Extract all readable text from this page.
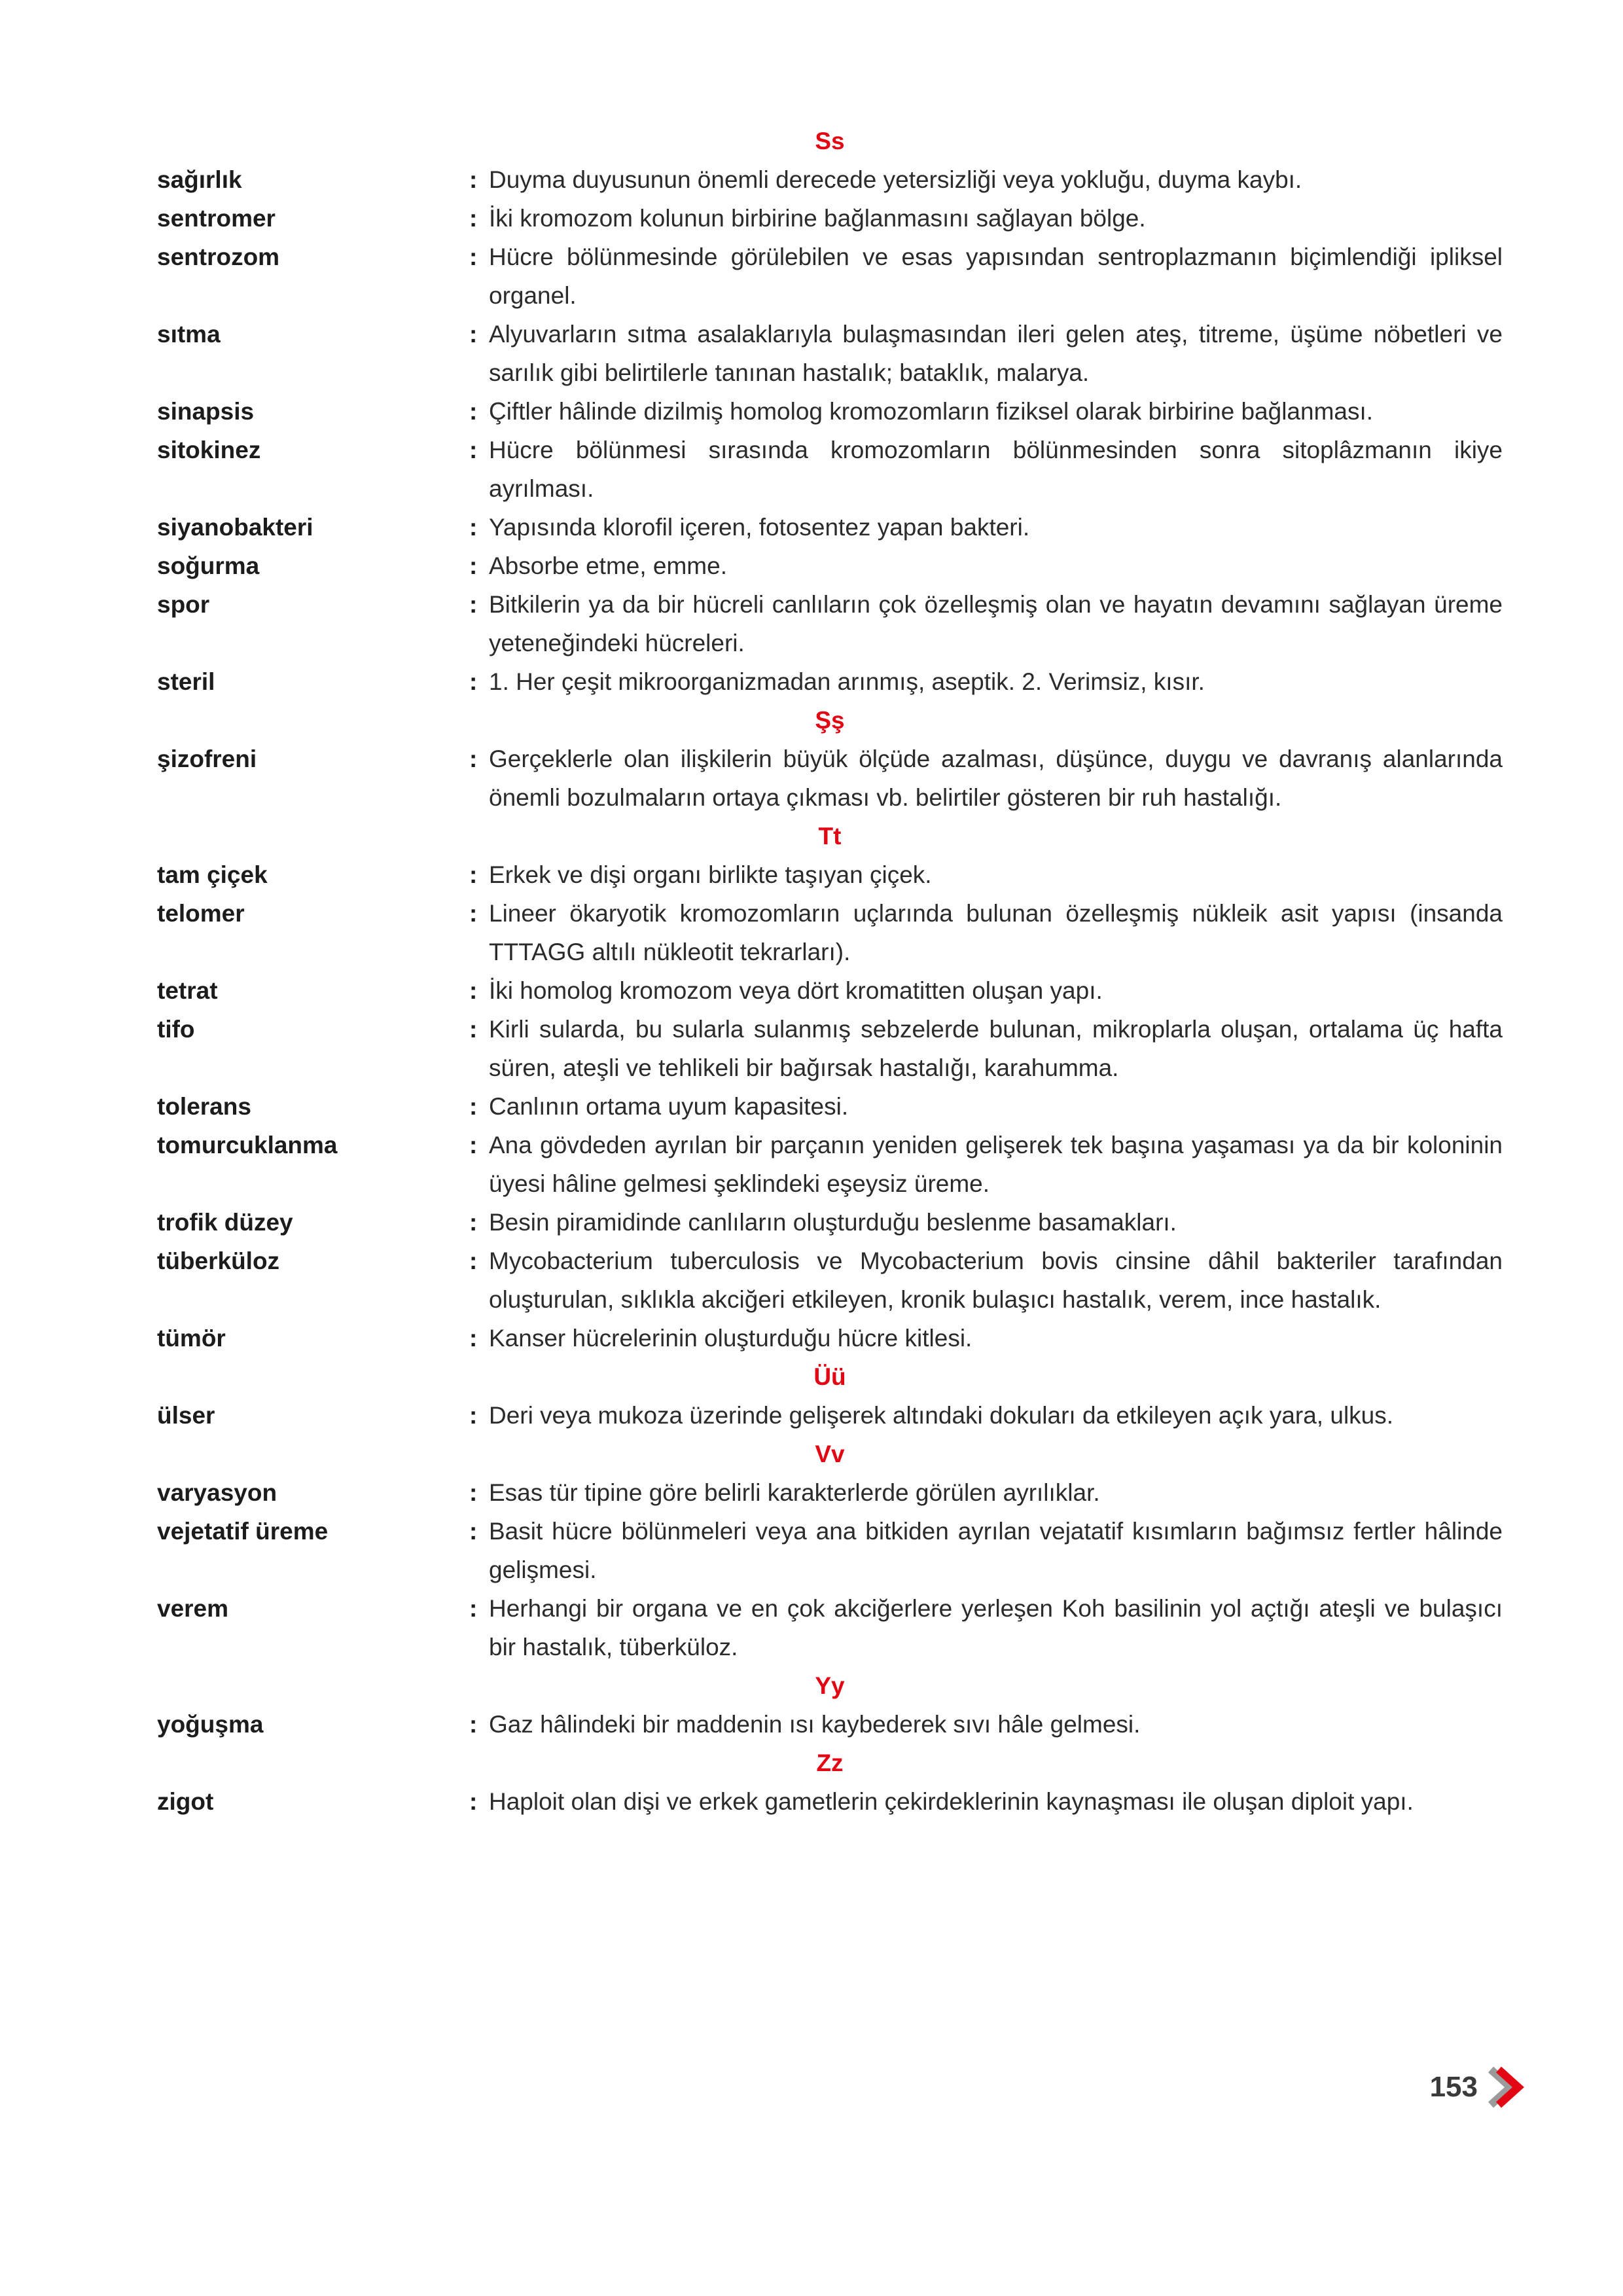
Ss
sağırlık	: Duyma duyusunun önemli derecede yetersizliği veya yokluğu, duyma kaybı.
sentromer	: İki kromozom kolunun birbirine bağlanmasını sağlayan bölge.
sentrozom	: Hücre bölünmesinde görülebilen ve esas yapısından sentroplazmanın biçimlendiği ipliksel organel.
sıtma	: Alyuvarların sıtma asalaklarıyla bulaşmasından ileri gelen ateş, titreme, üşüme nöbetleri ve sarılık gibi belirtilerle tanınan hastalık; bataklık, malarya.
sinapsis	: Çiftler hâlinde dizilmiş homolog kromozomların fiziksel olarak birbirine bağlanması.
sitokinez	: Hücre bölünmesi sırasında kromozomların bölünmesinden sonra sitoplâzmanın ikiye ayrılması.
siyanobakteri	: Yapısında klorofil içeren, fotosentez yapan bakteri.
soğurma	: Absorbe etme, emme.
spor	: Bitkilerin ya da bir hücreli canlıların çok özelleşmiş olan ve hayatın devamını sağlayan üreme yeteneğindeki hücreleri.
steril	: 1. Her çeşit mikroorganizmadan arınmış, aseptik. 2. Verimsiz, kısır.
Şş
şizofreni	: Gerçeklerle olan ilişkilerin büyük ölçüde azalması, düşünce, duygu ve davranış alanlarında önemli bozulmaların ortaya çıkması vb. belirtiler gösteren bir ruh hastalığı.
Tt
tam çiçek	: Erkek ve dişi organı birlikte taşıyan çiçek.
telomer	: Lineer ökaryotik kromozomların uçlarında bulunan özelleşmiş nükleik asit yapısı (insanda TTTAGG altılı nükleotit tekrarları).
tetrat	: İki homolog kromozom veya dört kromatitten oluşan yapı.
tifo	: Kirli sularda, bu sularla sulanmış sebzelerde bulunan, mikroplarla oluşan, ortalama üç hafta süren, ateşli ve tehlikeli bir bağırsak hastalığı, karahumma.
tolerans	: Canlının ortama uyum kapasitesi.
tomurcuklanma	: Ana gövdeden ayrılan bir parçanın yeniden gelişerek tek başına yaşaması ya da bir koloninin üyesi hâline gelmesi şeklindeki eşeysiz üreme.
trofik düzey	: Besin piramidinde canlıların oluşturduğu beslenme basamakları.
tüberküloz	: Mycobacterium tuberculosis ve Mycobacterium bovis cinsine dâhil bakteriler tarafından oluşturulan, sıklıkla akciğeri etkileyen, kronik bulaşıcı hastalık, verem, ince hastalık.
tümör	: Kanser hücrelerinin oluşturduğu hücre kitlesi.
Üü
ülser	: Deri veya mukoza üzerinde gelişerek altındaki dokuları da etkileyen açık yara, ulkus.
Vv
varyasyon	: Esas tür tipine göre belirli karakterlerde görülen ayrılıklar.
vejetatif üreme	: Basit hücre bölünmeleri veya ana bitkiden ayrılan vejatatif kısımların bağımsız fertler hâlinde gelişmesi.
verem	: Herhangi bir organa ve en çok akciğerlere yerleşen Koh basilinin yol açtığı ateşli ve bulaşıcı bir hastalık, tüberküloz.
Yy
yoğuşma	: Gaz hâlindeki bir maddenin ısı kaybederek sıvı hâle gelmesi.
Zz
zigot	: Haploit olan dişi ve erkek gametlerin çekirdeklerinin kaynaşması ile oluşan diploit yapı.
153
